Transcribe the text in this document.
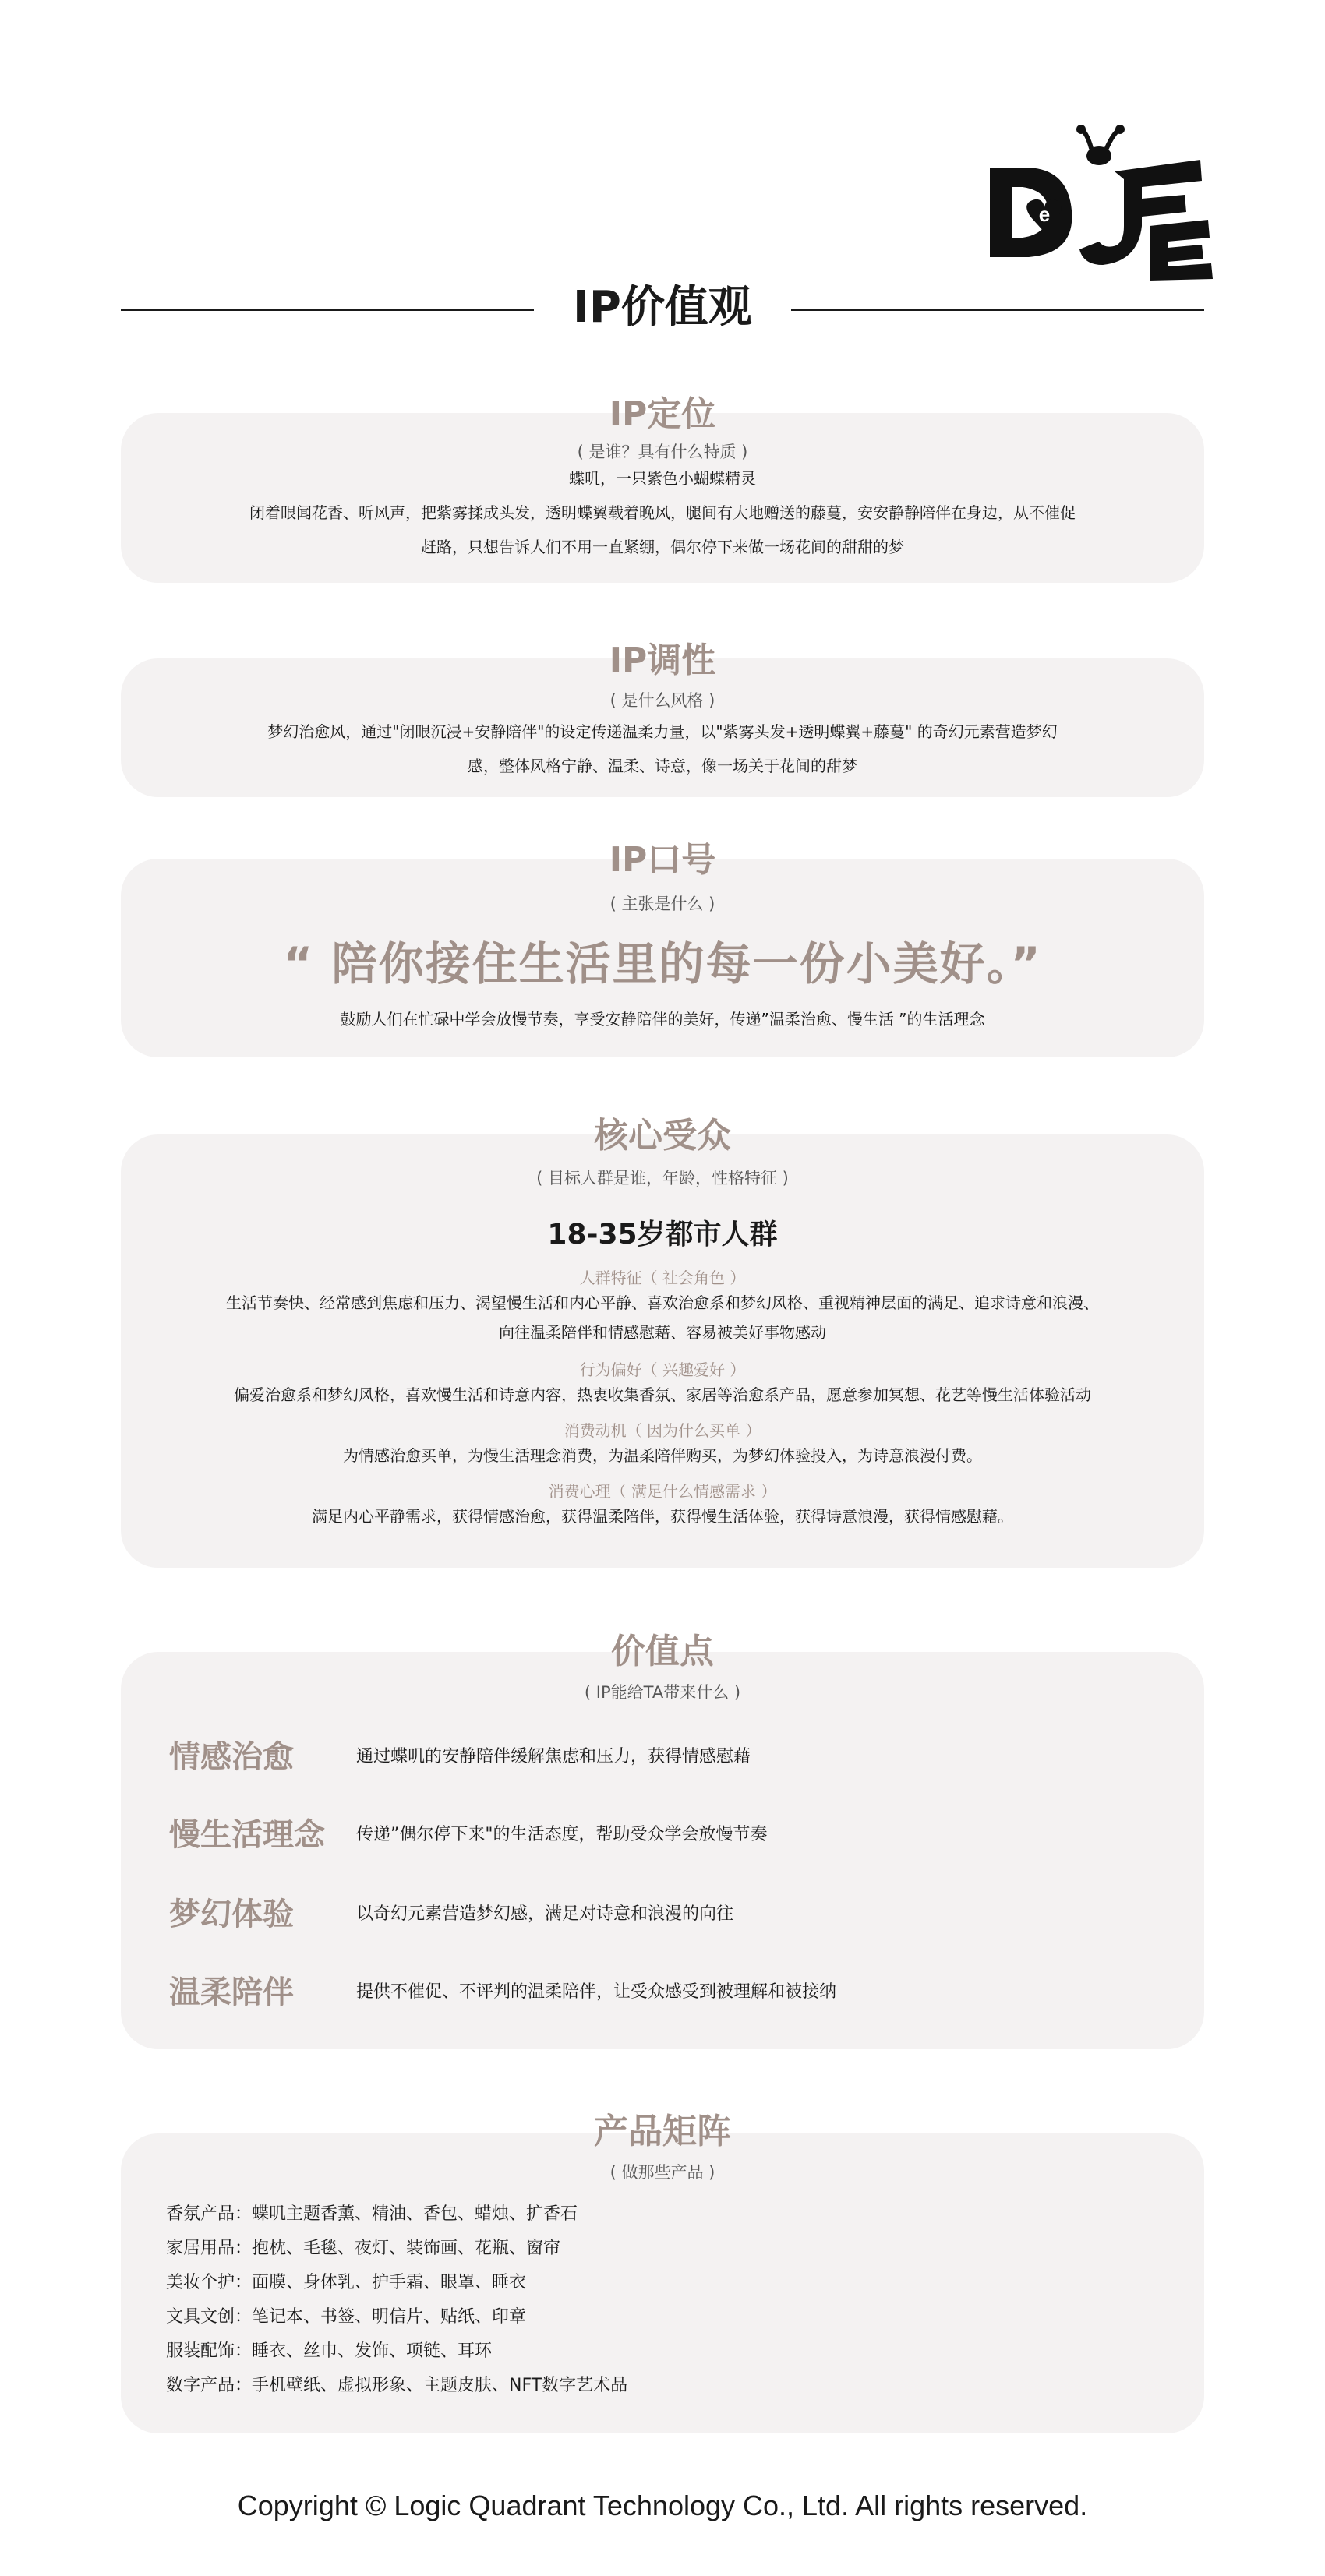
e
IP价值观
( 是谁？具有什么特质 )
蝶叽，一只紫色小蝴蝶精灵
闭着眼闻花香、听风声，把紫雾揉成头发，透明蝶翼载着晚风，腿间有大地赠送的藤蔓，安安静静陪伴在身边，从不催促
赶路，只想告诉人们不用一直紧绷，偶尔停下来做一场花间的甜甜的梦
IP定位
( 是什么风格 )
梦幻治愈风，通过"闭眼沉浸+安静陪伴"的设定传递温柔力量，以"紫雾头发+透明蝶翼+藤蔓" 的奇幻元素营造梦幻
感，整体风格宁静、温柔、诗意，像一场关于花间的甜梦
IP调性
( 主张是什么 )
“ 陪你接住生活里的每一份小美好。”
鼓励人们在忙碌中学会放慢节奏，享受安静陪伴的美好，传递”温柔治愈、慢生活 ”的生活理念
IP口号
( 目标人群是谁，年龄，性格特征 )
18-35岁都市人群
人群特征（ 社会角色 ）
生活节奏快、经常感到焦虑和压力、渴望慢生活和内心平静、喜欢治愈系和梦幻风格、重视精神层面的满足、追求诗意和浪漫、
向往温柔陪伴和情感慰藉、容易被美好事物感动
行为偏好（ 兴趣爱好 ）
偏爱治愈系和梦幻风格，喜欢慢生活和诗意内容，热衷收集香氛、家居等治愈系产品，愿意参加冥想、花艺等慢生活体验活动
消费动机（ 因为什么买单 ）
为情感治愈买单，为慢生活理念消费，为温柔陪伴购买，为梦幻体验投入，为诗意浪漫付费。
消费心理（ 满足什么情感需求 ）
满足内心平静需求，获得情感治愈，获得温柔陪伴，获得慢生活体验，获得诗意浪漫，获得情感慰藉。
核心受众
( IP能给TA带来什么 )
情感治愈	通过蝶叽的安静陪伴缓解焦虑和压力，获得情感慰藉
慢生活理念 传递”偶尔停下来"的生活态度，帮助受众学会放慢节奏
梦幻体验	以奇幻元素营造梦幻感，满足对诗意和浪漫的向往
温柔陪伴	提供不催促、不评判的温柔陪伴，让受众感受到被理解和被接纳
价值点
( 做那些产品 )
香氛产品：蝶叽主题香薰、精油、香包、蜡烛、扩香石
家居用品：抱枕、毛毯、夜灯、装饰画、花瓶、窗帘
美妆个护：面膜、身体乳、护手霜、眼罩、睡衣
文具文创：笔记本、书签、明信片、贴纸、印章
服装配饰：睡衣、丝巾、发饰、项链、耳环
数字产品：手机壁纸、虚拟形象、主题皮肤、NFT数字艺术品
产品矩阵
Copyright © Logic Quadrant Technology Co., Ltd. All rights reserved.
